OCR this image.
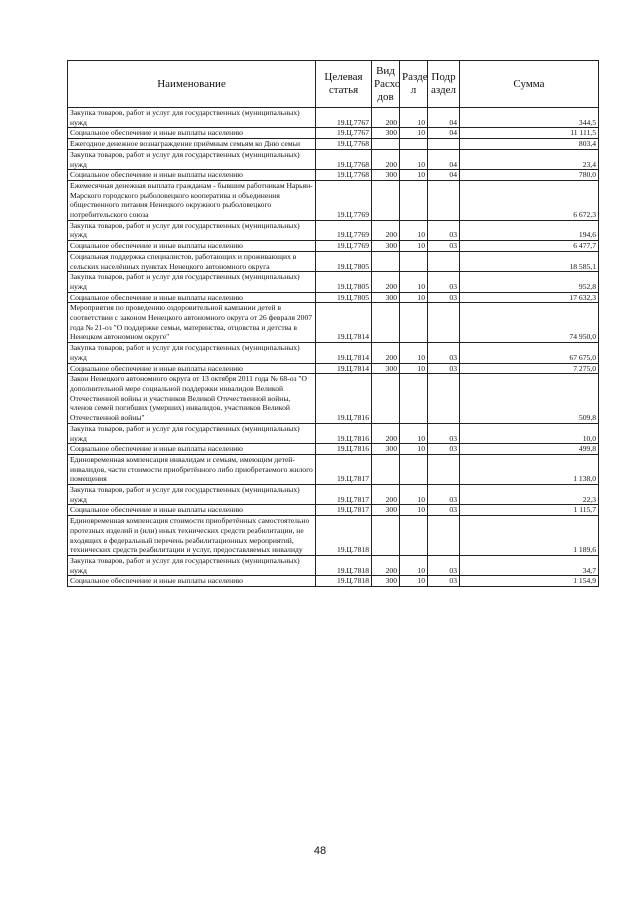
Наименование	Целевая статья	Вид Расхо дов	Разде л	Подр аздел	Сумма
Закупка товаров, работ и услуг для государственных (муниципальных) нужд	19.Ц.7767	200	10	04	344,5
Социальное обеспечение и иные выплаты населению	19.Ц.7767	300	10	04	11 111,5
Ежегодное денежное вознаграждение приёмным семьям ко Дню семьи	19.Ц.7768				803,4
Закупка товаров, работ и услуг для государственных (муниципальных) нужд	19.Ц.7768	200	10	04	23,4
Социальное обеспечение и иные выплаты населению	19.Ц.7768	300	10	04	780,0
Ежемесячная денежная выплата гражданам - бывшим работникам Нарьян-Марского городского рыболовецкого кооператива и объединения общественного питания Ненецкого окружного рыболовецкого потребительского союза	19.Ц.7769				6 672,3
Закупка товаров, работ и услуг для государственных (муниципальных) нужд	19.Ц.7769	200	10	03	194,6
Социальное обеспечение и иные выплаты населению	19.Ц.7769	300	10	03	6 477,7
Социальная поддержка специалистов, работающих и проживающих в сельских населённых пунктах Ненецкого автономного округа	19.Ц.7805				18 585,1
Закупка товаров, работ и услуг для государственных (муниципальных) нужд	19.Ц.7805	200	10	03	952,8
Социальное обеспечение и иные выплаты населению	19.Ц.7805	300	10	03	17 632,3
Мероприятия по проведению оздоровительной кампании детей в соответствии с законом Ненецкого автономного округа от 26 февраля 2007 года № 21-оз "О поддержке семьи, материнства, отцовства и детства в Ненецком автономном округе"	19.Ц.7814				74 950,0
Закупка товаров, работ и услуг для государственных (муниципальных) нужд	19.Ц.7814	200	10	03	67 675,0
Социальное обеспечение и иные выплаты населению	19.Ц.7814	300	10	03	7 275,0
Закон Ненецкого автономного округа от 13 октября 2011 года № 68-оз "О дополнительной мере социальной поддержки инвалидов Великой Отечественной войны и участников Великой Отечественной войны, членов семей погибших (умерших) инвалидов, участников Великой Отечественной войны"	19.Ц.7816				509,8
Закупка товаров, работ и услуг для государственных (муниципальных) нужд	19.Ц.7816	200	10	03	10,0
Социальное обеспечение и иные выплаты населению	19.Ц.7816	300	10	03	499,8
Единовременная компенсация инвалидам и семьям, имеющим детей-инвалидов, части стоимости приобретённого либо приобретаемого жилого помещения	19.Ц.7817				1 138,0
Закупка товаров, работ и услуг для государственных (муниципальных) нужд	19.Ц.7817	200	10	03	22,3
Социальное обеспечение и иные выплаты населению	19.Ц.7817	300	10	03	1 115,7
Единовременная компенсация стоимости приобретённых самостоятельно протезных изделий и (или) иных технических средств реабилитации, не входящих в федеральный перечень реабилитационных мероприятий, технических средств реабилитации и услуг, предоставляемых инвалиду	19.Ц.7818				1 189,6
Закупка товаров, работ и услуг для государственных (муниципальных) нужд	19.Ц.7818	200	10	03	34,7
Социальное обеспечение и иные выплаты населению	19.Ц.7818	300	10	03	1 154,9
48
